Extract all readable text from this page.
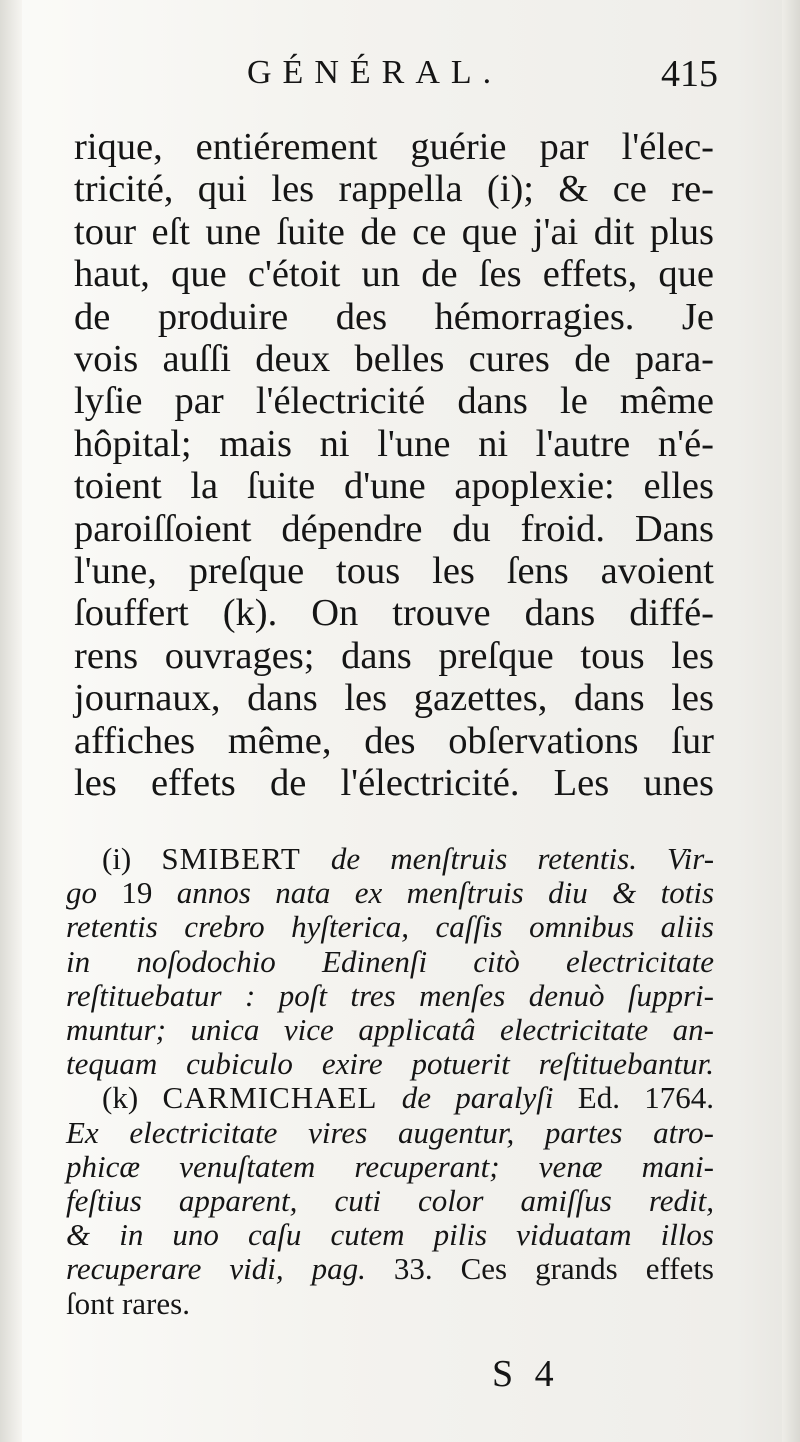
GÉNÉRAL.	415
rique, entiérement guérie par l'élec-
tricité, qui les rappella (i); & ce re-
tour eſt une ſuite de ce que j'ai dit plus
haut, que c'étoit un de ſes effets, que
de produire des hémorragies. Je
vois auſſi deux belles cures de para-
lyſie par l'électricité dans le même
hôpital; mais ni l'une ni l'autre n'é-
toient la ſuite d'une apoplexie: elles
paroiſſoient dépendre du froid. Dans
l'une, preſque tous les ſens avoient
ſouffert (k). On trouve dans diffé-
rens ouvrages; dans preſque tous les
journaux, dans les gazettes, dans les
affiches même, des obſervations ſur
les effets de l'électricité. Les unes
(i) SMIBERT de menſtruis retentis. Vir-
go 19 annos nata ex menſtruis diu & totis
retentis crebro hyſterica, caſſis omnibus aliis
in noſodochio Edinenſi citò electricitate
reſtituebatur : poſt tres menſes denuò ſuppri-
muntur; unica vice applicatâ electricitate an-
tequam cubiculo exire potuerit reſtituebantur.
(k) CARMICHAEL de paralyſi Ed. 1764.
Ex electricitate vires augentur, partes atro-
phicæ venuſtatem recuperant; venæ mani-
feſtius apparent, cuti color amiſſus redit,
& in uno caſu cutem pilis viduatam illos
recuperare vidi, pag. 33. Ces grands effets
ſont rares.
S 4
